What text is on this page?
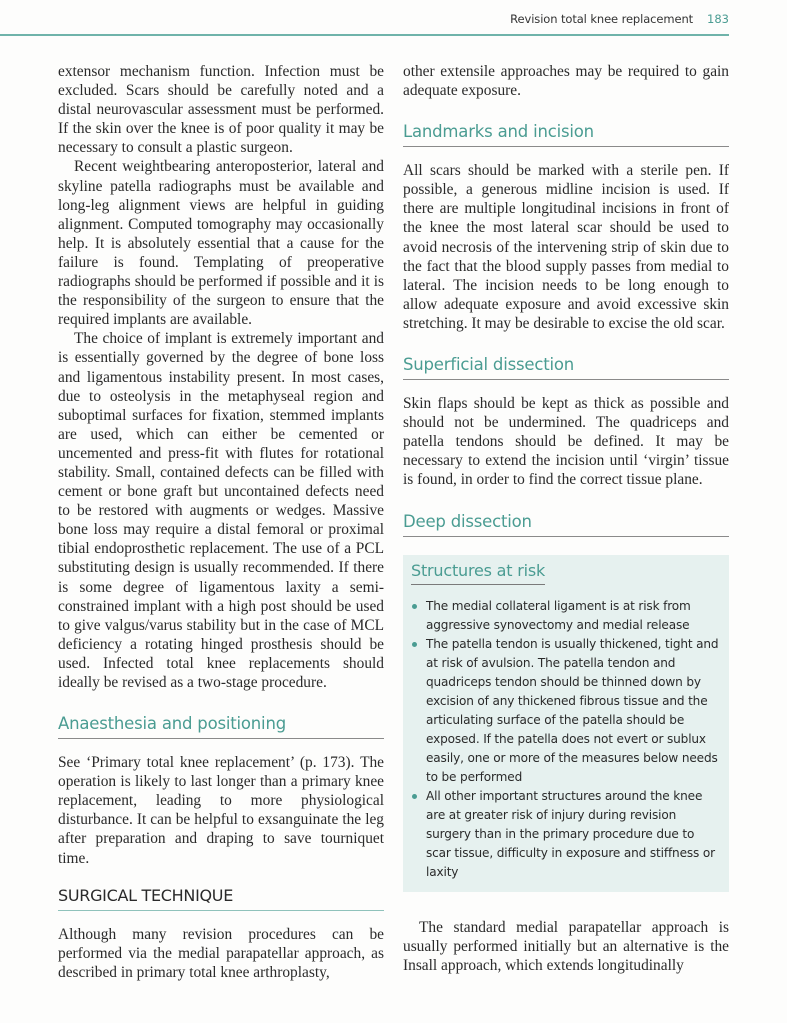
Revision total knee replacement 183

extensor mechanism function. Infection must be excluded. Scars should be carefully noted and a distal neurovascular assessment must be performed. If the skin over the knee is of poor quality it may be necessary to consult a plastic surgeon.

Recent weightbearing anteroposterior, lateral and skyline patella radiographs must be available and long-leg alignment views are helpful in guiding alignment. Computed tomography may occasionally help. It is absolutely essential that a cause for the failure is found. Templating of preoperative radiographs should be performed if possible and it is the responsibility of the surgeon to ensure that the required implants are available.

The choice of implant is extremely important and is essentially governed by the degree of bone loss and ligamentous instability present. In most cases, due to osteolysis in the metaphyseal region and suboptimal surfaces for fixation, stemmed implants are used, which can either be cemented or uncemented and press-fit with flutes for rotational stability. Small, contained defects can be filled with cement or bone graft but uncontained defects need to be restored with augments or wedges. Massive bone loss may require a distal femoral or proximal tibial endoprosthetic replacement. The use of a PCL substituting design is usually recommended. If there is some degree of ligamentous laxity a semi-constrained implant with a high post should be used to give valgus/varus stability but in the case of MCL deficiency a rotating hinged prosthesis should be used. Infected total knee replacements should ideally be revised as a two-stage procedure.

Anaesthesia and positioning

See ‘Primary total knee replacement’ (p. 173). The operation is likely to last longer than a primary knee replacement, leading to more physiological disturbance. It can be helpful to exsanguinate the leg after preparation and draping to save tourniquet time.

SURGICAL TECHNIQUE

Although many revision procedures can be performed via the medial parapatellar approach, as described in primary total knee arthroplasty,

other extensile approaches may be required to gain adequate exposure.

Landmarks and incision

All scars should be marked with a sterile pen. If possible, a generous midline incision is used. If there are multiple longitudinal incisions in front of the knee the most lateral scar should be used to avoid necrosis of the intervening strip of skin due to the fact that the blood supply passes from medial to lateral. The incision needs to be long enough to allow adequate exposure and avoid excessive skin stretching. It may be desirable to excise the old scar.

Superficial dissection

Skin flaps should be kept as thick as possible and should not be undermined. The quadriceps and patella tendons should be defined. It may be necessary to extend the incision until ‘virgin’ tissue is found, in order to find the correct tissue plane.

Deep dissection
Structures at risk
The medial collateral ligament is at risk from aggressive synovectomy and medial release
The patella tendon is usually thickened, tight and at risk of avulsion. The patella tendon and quadriceps tendon should be thinned down by excision of any thickened fibrous tissue and the articulating surface of the patella should be exposed. If the patella does not evert or sublux easily, one or more of the measures below needs to be performed
All other important structures around the knee are at greater risk of injury during revision surgery than in the primary procedure due to scar tissue, difficulty in exposure and stiffness or laxity

The standard medial parapatellar approach is usually performed initially but an alternative is the Insall approach, which extends longitudinally
